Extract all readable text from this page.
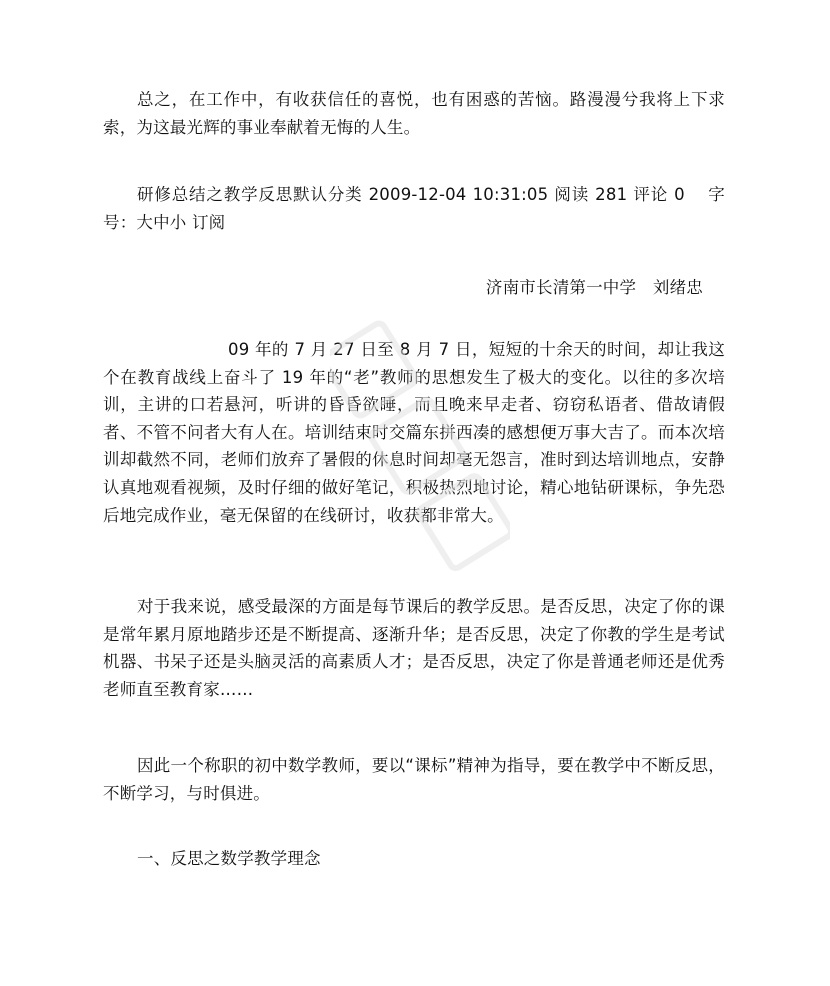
总之，在工作中，有收获信任的喜悦，也有困惑的苦恼。路漫漫兮我将上下求索，为这最光辉的事业奉献着无悔的人生。

研修总结之教学反思默认分类 2009-12-04 10:31:05 阅读 281 评论 0 　字号：大中小 订阅

济南市长清第一中学　刘绪忠

09 年的 7 月 27 日至 8 月 7 日，短短的十余天的时间，却让我这个在教育战线上奋斗了 19 年的“老”教师的思想发生了极大的变化。以往的多次培训，主讲的口若悬河，听讲的昏昏欲睡，而且晚来早走者、窃窃私语者、借故请假者、不管不问者大有人在。培训结束时交篇东拼西凑的感想便万事大吉了。而本次培训却截然不同，老师们放弃了暑假的休息时间却毫无怨言，准时到达培训地点，安静认真地观看视频，及时仔细的做好笔记，积极热烈地讨论，精心地钻研课标，争先恐后地完成作业，毫无保留的在线研讨，收获都非常大。

对于我来说，感受最深的方面是每节课后的教学反思。是否反思，决定了你的课是常年累月原地踏步还是不断提高、逐渐升华；是否反思，决定了你教的学生是考试机器、书呆子还是头脑灵活的高素质人才；是否反思，决定了你是普通老师还是优秀老师直至教育家……

因此一个称职的初中数学教师，要以“课标”精神为指导，要在教学中不断反思，不断学习，与时俱进。

一、反思之数学教学理念
